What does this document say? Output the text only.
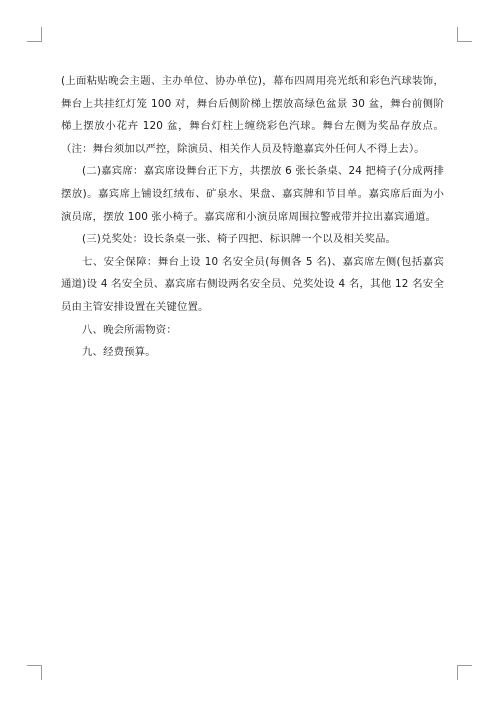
(上面粘贴晚会主题、主办单位、协办单位)，幕布四周用亮光纸和彩色汽球装饰，舞台上共挂红灯笼 100 对，舞台后侧阶梯上摆放高绿色盆景 30 盆，舞台前侧阶梯上摆放小花卉 120 盆，舞台灯柱上缠绕彩色汽球。舞台左侧为奖品存放点。（注：舞台须加以严控，除演员、相关作人员及特邀嘉宾外任何人不得上去）。

(二)嘉宾席：嘉宾席设舞台正下方，共摆放 6 张长条桌、24 把椅子(分成两排摆放)。嘉宾席上铺设红绒布、矿泉水、果盘、嘉宾牌和节目单。嘉宾席后面为小演员席，摆放 100 张小椅子。嘉宾席和小演员席周围拉警戒带并拉出嘉宾通道。

(三)兑奖处：设长条桌一张、椅子四把、标识牌一个以及相关奖品。

七、安全保障：舞台上设 10 名安全员(每侧各 5 名)、嘉宾席左侧(包括嘉宾通道)设 4 名安全员、嘉宾席右侧设两名安全员、兑奖处设 4 名，其他 12 名安全员由主管安排设置在关键位置。

八、晚会所需物资：

九、经费预算。
